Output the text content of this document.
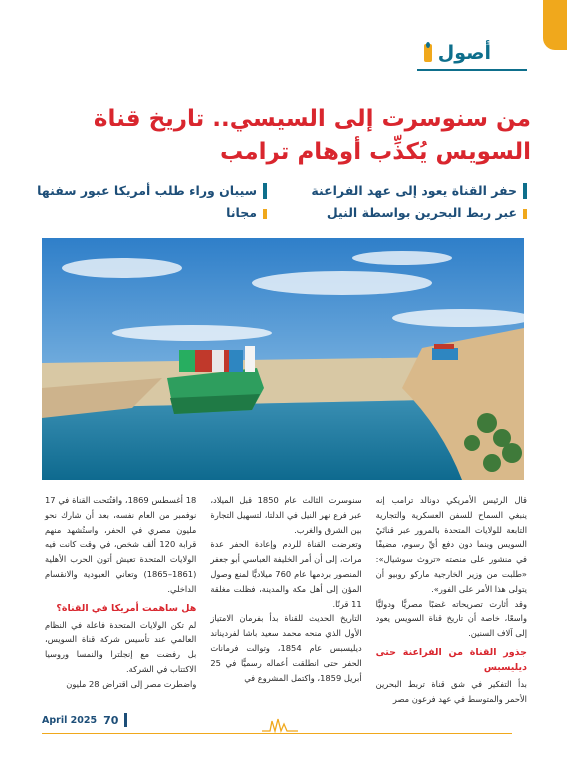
أصول
من سنوسرت إلى السيسي.. تاريخ قناة السويس يُكذِّب أوهام ترامب
حفر القناة يعود إلى عهد الفراعنة عبر ربط البحرين بواسطة النيل
سيبان وراء طلب أمريكا عبور سفنها مجانا

قال الرئيس الأمريكي دونالد ترامب إنه ينبغي السماح للسفن العسكرية والتجارية التابعة للولايات المتحدة بالمرور عبر قناتَيْ السويس وبنما دون دفع أيِّ رسوم، مضيفًا في منشور على منصته «تروث سوشيال»: «طلبت من وزير الخارجية ماركو روبيو أن يتولى هذا الأمر على الفور».

وقد أثارت تصريحاته غضبًا مصريًّا ودوليًّا واسعًا، خاصة أن تاريخ قناة السويس يعود إلى آلاف السنين.

جذور القناة من الفراعنة حتى ديليسبس

بدأ التفكير في شق قناة تربط البحرين الأحمر والمتوسط في عهد فرعون مصر

سنوسرت الثالث عام 1850 قبل الميلاد، عبر فرع نهر النيل في الدلتا، لتسهيل التجارة بين الشرق والغرب.

وتعرضت القناة للردم وإعادة الحفر عدة مرات، إلى أن أمر الخليفة العباسي أبو جعفر المنصور بردمها عام 760 ميلاديًّا لمنع وصول المؤن إلى أهل مكة والمدينة، فظلت مغلقة 11 قرنًا.

التاريخ الحديث للقناة بدأ بفرمان الامتياز الأول الذي منحه محمد سعيد باشا لفرديناند ديليسبس عام 1854، وتوالت فرمانات الحفر حتى انطلقت أعماله رسميًّا في 25 أبريل 1859، واكتمل المشروع في

18 أغسطس 1869، وافتُتحت القناة في 17 نوفمبر من العام نفسه، بعد أن شارك نحو مليون مصري في الحفر، واستُشهد منهم قرابة 120 ألف شخص، في وقت كانت فيه الولايات المتحدة تعيش أتون الحرب الأهلية (1861–1865) وتعاني العبودية والانقسام الداخلي.

هل ساهمت أمريكا في القناة؟

لم تكن الولايات المتحدة فاعلة في النظام العالمي عند تأسيس شركة قناة السويس، بل رفضت مع إنجلترا والنمسا وروسيا الاكتتاب في الشركة.

واضطرت مصر إلى اقتراض 28 مليون

April 2025 70
